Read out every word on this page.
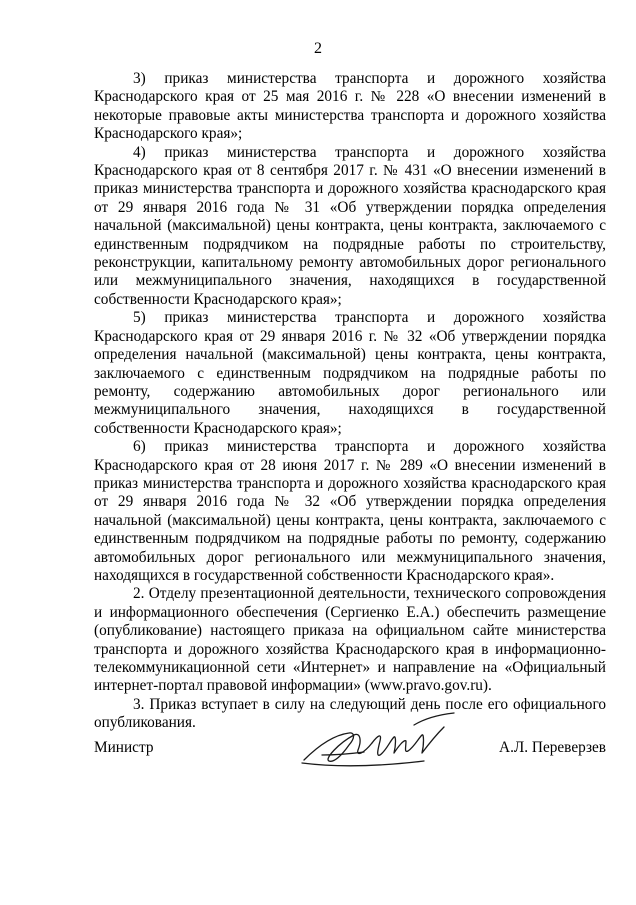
2

3) приказ министерства транспорта и дорожного хозяйства Краснодарского края от 25 мая 2016 г. № 228 «О внесении изменений в некоторые правовые акты министерства транспорта и дорожного хозяйства Краснодарского края»;

4) приказ министерства транспорта и дорожного хозяйства Краснодарского края от 8 сентября 2017 г. № 431 «О внесении изменений в приказ министерства транспорта и дорожного хозяйства краснодарского края от 29 января 2016 года № 31 «Об утверждении порядка определения начальной (максимальной) цены контракта, цены контракта, заключаемого с единственным подрядчиком на подрядные работы по строительству, реконструкции, капитальному ремонту автомобильных дорог регионального или межмуниципального значения, находящихся в государственной собственности Краснодарского края»;

5) приказ министерства транспорта и дорожного хозяйства Краснодарского края от 29 января 2016 г. № 32 «Об утверждении порядка определения начальной (максимальной) цены контракта, цены контракта, заключаемого с единственным подрядчиком на подрядные работы по ремонту, содержанию автомобильных дорог регионального или межмуниципального значения, находящихся в государственной собственности Краснодарского края»;

6) приказ министерства транспорта и дорожного хозяйства Краснодарского края от 28 июня 2017 г. № 289 «О внесении изменений в приказ министерства транспорта и дорожного хозяйства краснодарского края от 29 января 2016 года № 32 «Об утверждении порядка определения начальной (максимальной) цены контракта, цены контракта, заключаемого с единственным подрядчиком на подрядные работы по ремонту, содержанию автомобильных дорог регионального или межмуниципального значения, находящихся в государственной собственности Краснодарского края».

2. Отделу презентационной деятельности, технического сопровождения и информационного обеспечения (Сергиенко Е.А.) обеспечить размещение (опубликование) настоящего приказа на официальном сайте министерства транспорта и дорожного хозяйства Краснодарского края в информационно-телекоммуникационной сети «Интернет» и направление на «Официальный интернет-портал правовой информации» (www.pravo.gov.ru).

3. Приказ вступает в силу на следующий день после его официального опубликования.

Министр	А.Л. Переверзев
